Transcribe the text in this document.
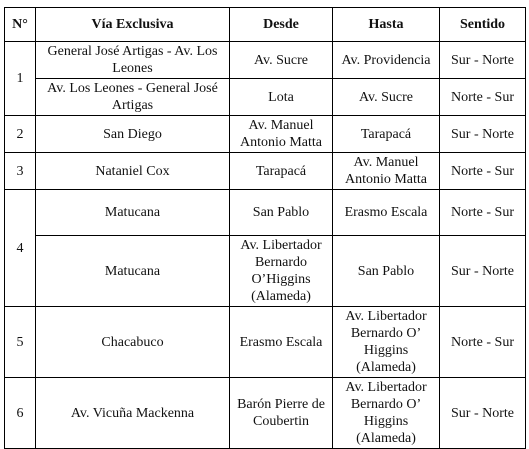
N°	Vía Exclusiva	Desde	Hasta	Sentido
1	General José Artigas - Av. Los Leones	Av. Sucre	Av. Providencia	Sur - Norte
	Av. Los Leones - General José Artigas	Lota	Av. Sucre	Norte - Sur
2	San Diego	Av. Manuel Antonio Matta	Tarapacá	Sur - Norte
3	Nataniel Cox	Tarapacá	Av. Manuel Antonio Matta	Norte - Sur
4	Matucana	San Pablo	Erasmo Escala	Norte - Sur
	Matucana	Av. Libertador Bernardo O’Higgins (Alameda)	San Pablo	Sur - Norte
5	Chacabuco	Erasmo Escala	Av. Libertador Bernardo O’ Higgins (Alameda)	Norte - Sur
6	Av. Vicuña Mackenna	Barón Pierre de Coubertin	Av. Libertador Bernardo O’ Higgins (Alameda)	Sur - Norte
